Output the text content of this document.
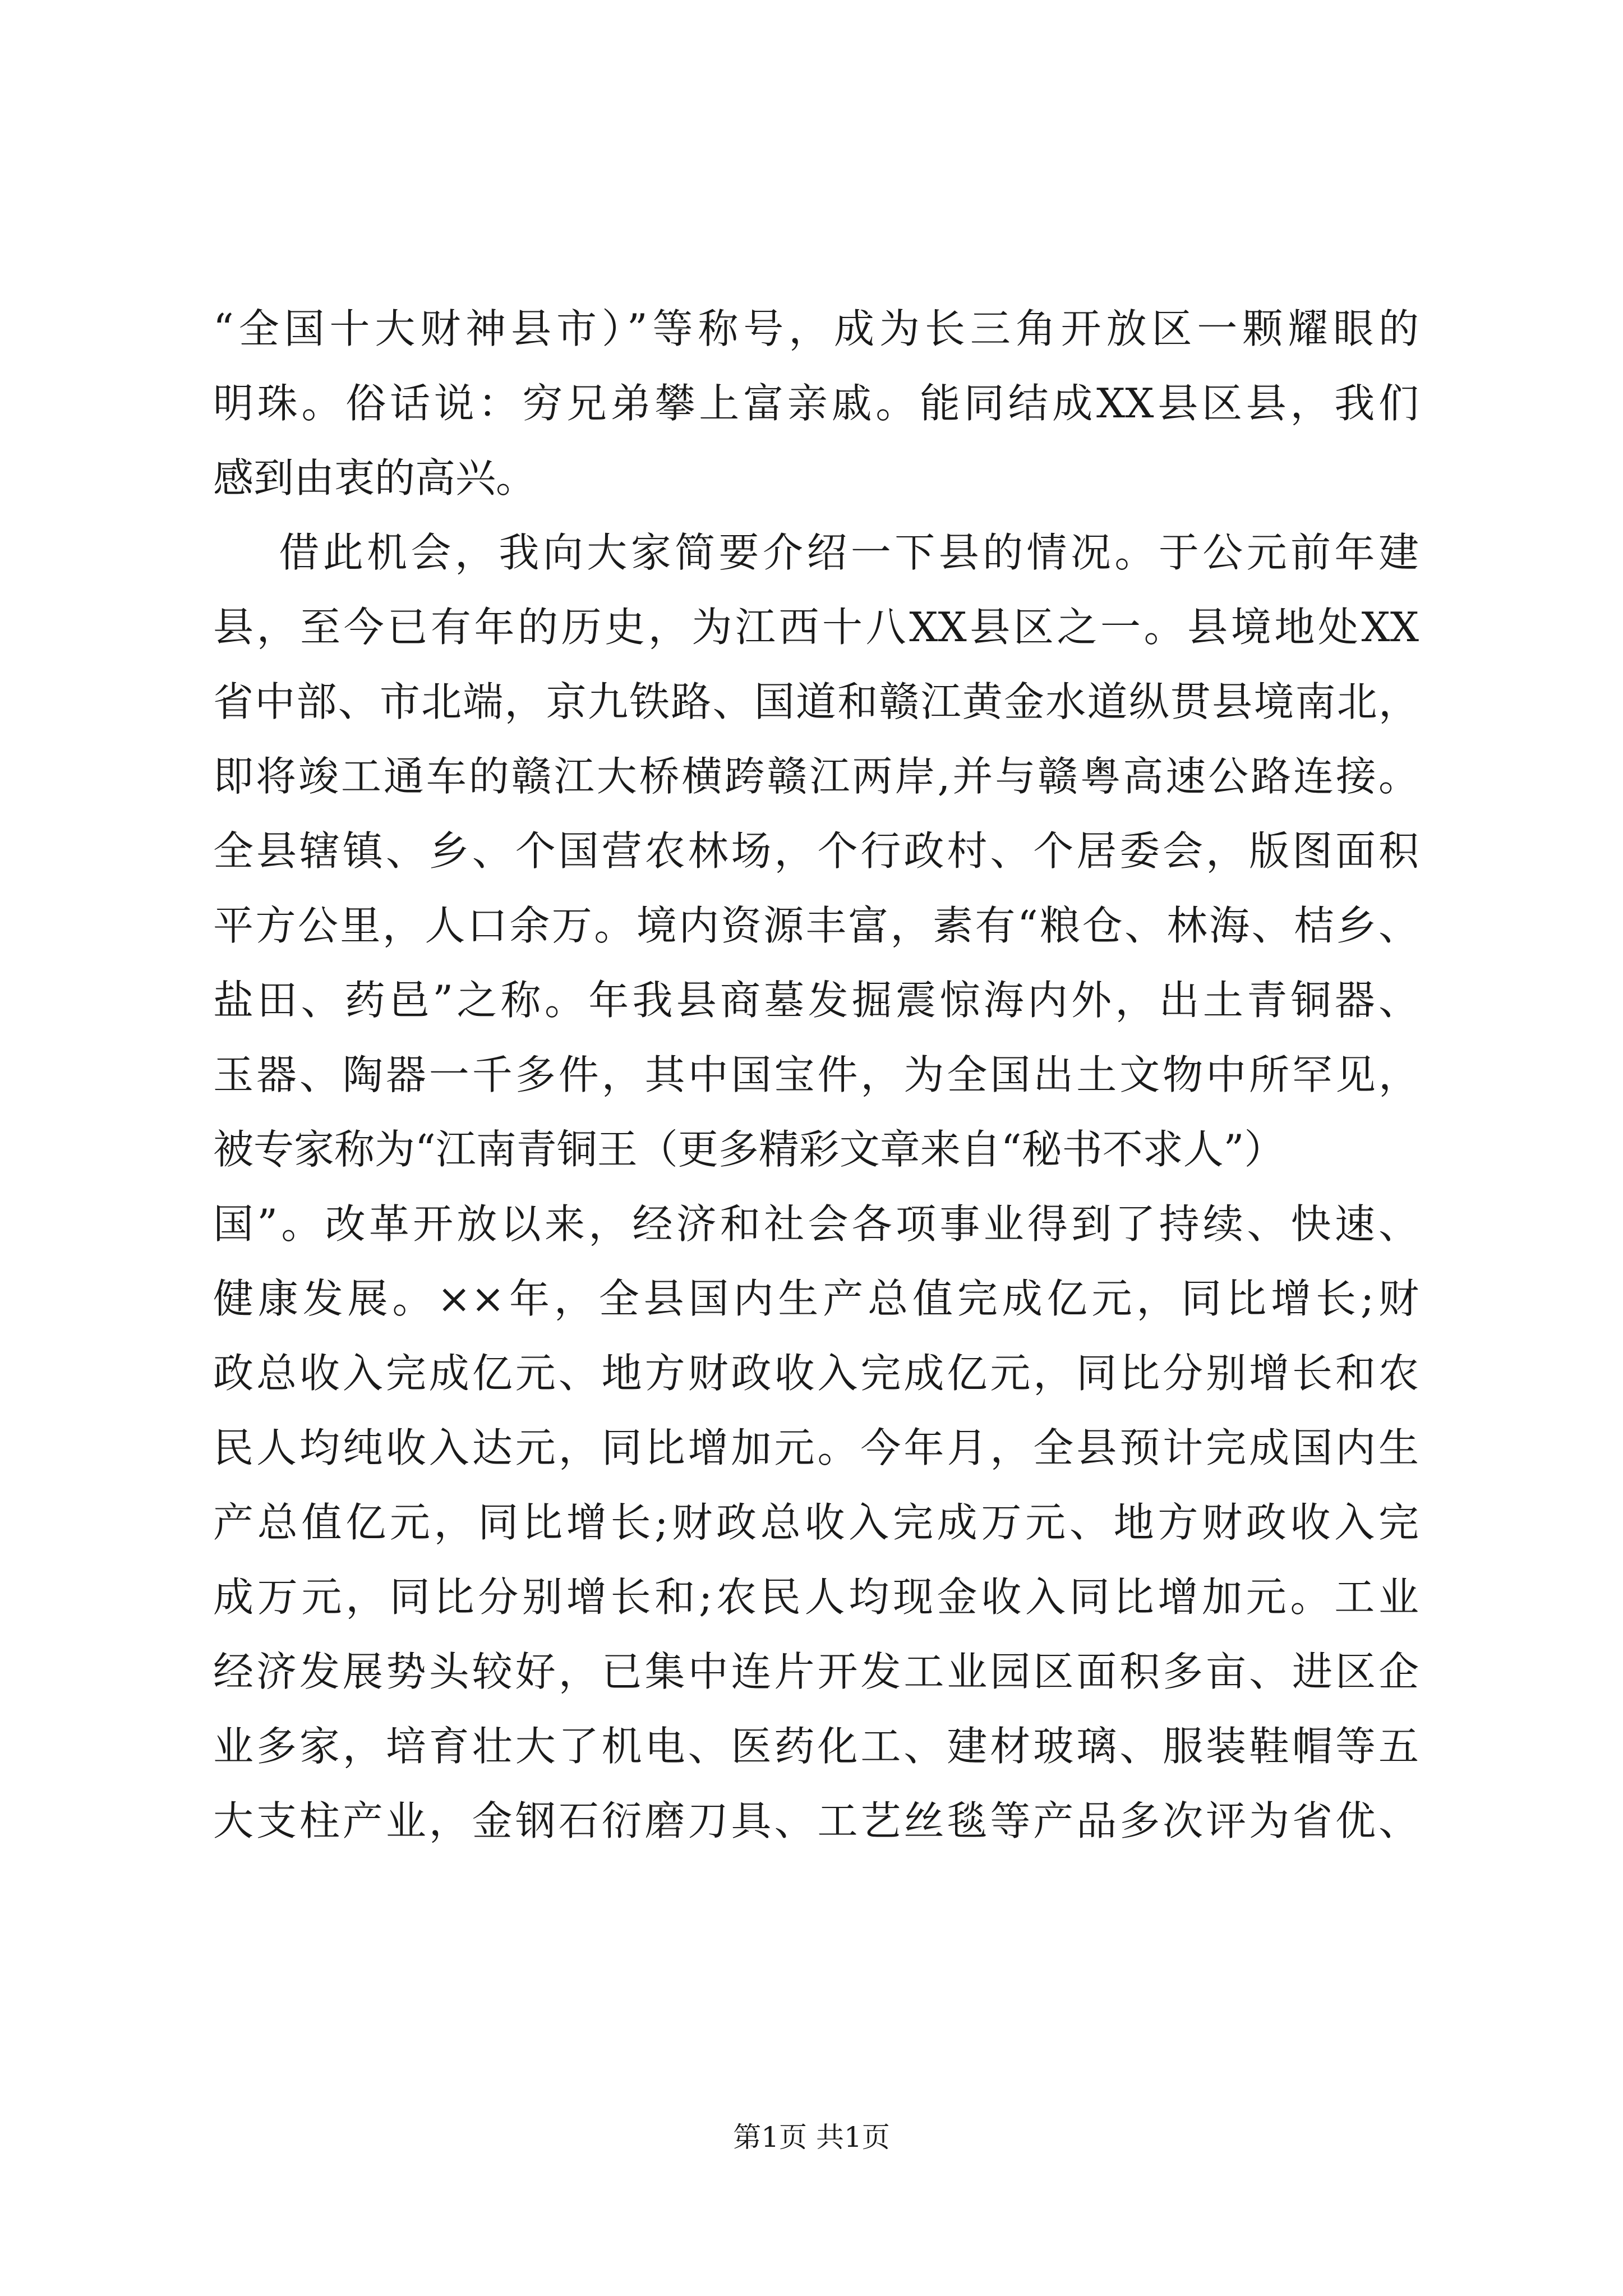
“全国十大财神县市）”等称号，成为长三角开放区一颗耀眼的
明珠。俗话说：穷兄弟攀上富亲戚。能同结成XX县区县，我们
感到由衷的高兴。
借此机会，我向大家简要介绍一下县的情况。于公元前年建
县，至今已有年的历史，为江西十八XX县区之一。县境地处XX
省中部、市北端，京九铁路、国道和赣江黄金水道纵贯县境南北，
即将竣工通车的赣江大桥横跨赣江两岸,并与赣粤高速公路连接。
全县辖镇、乡、个国营农林场，个行政村、个居委会，版图面积
平方公里，人口余万。境内资源丰富，素有“粮仓、林海、桔乡、
盐田、药邑”之称。年我县商墓发掘震惊海内外，出土青铜器、
玉器、陶器一千多件，其中国宝件，为全国出土文物中所罕见，
被专家称为“江南青铜王（更多精彩文章来自“秘书不求人”）
国”。改革开放以来，经济和社会各项事业得到了持续、快速、
健康发展。××年，全县国内生产总值完成亿元，同比增长;财
政总收入完成亿元、地方财政收入完成亿元，同比分别增长和农
民人均纯收入达元，同比增加元。今年月，全县预计完成国内生
产总值亿元，同比增长;财政总收入完成万元、地方财政收入完
成万元，同比分别增长和;农民人均现金收入同比增加元。工业
经济发展势头较好，已集中连片开发工业园区面积多亩、进区企
业多家，培育壮大了机电、医药化工、建材玻璃、服装鞋帽等五
大支柱产业，金钢石衍磨刀具、工艺丝毯等产品多次评为省优、
第1页 共1页
